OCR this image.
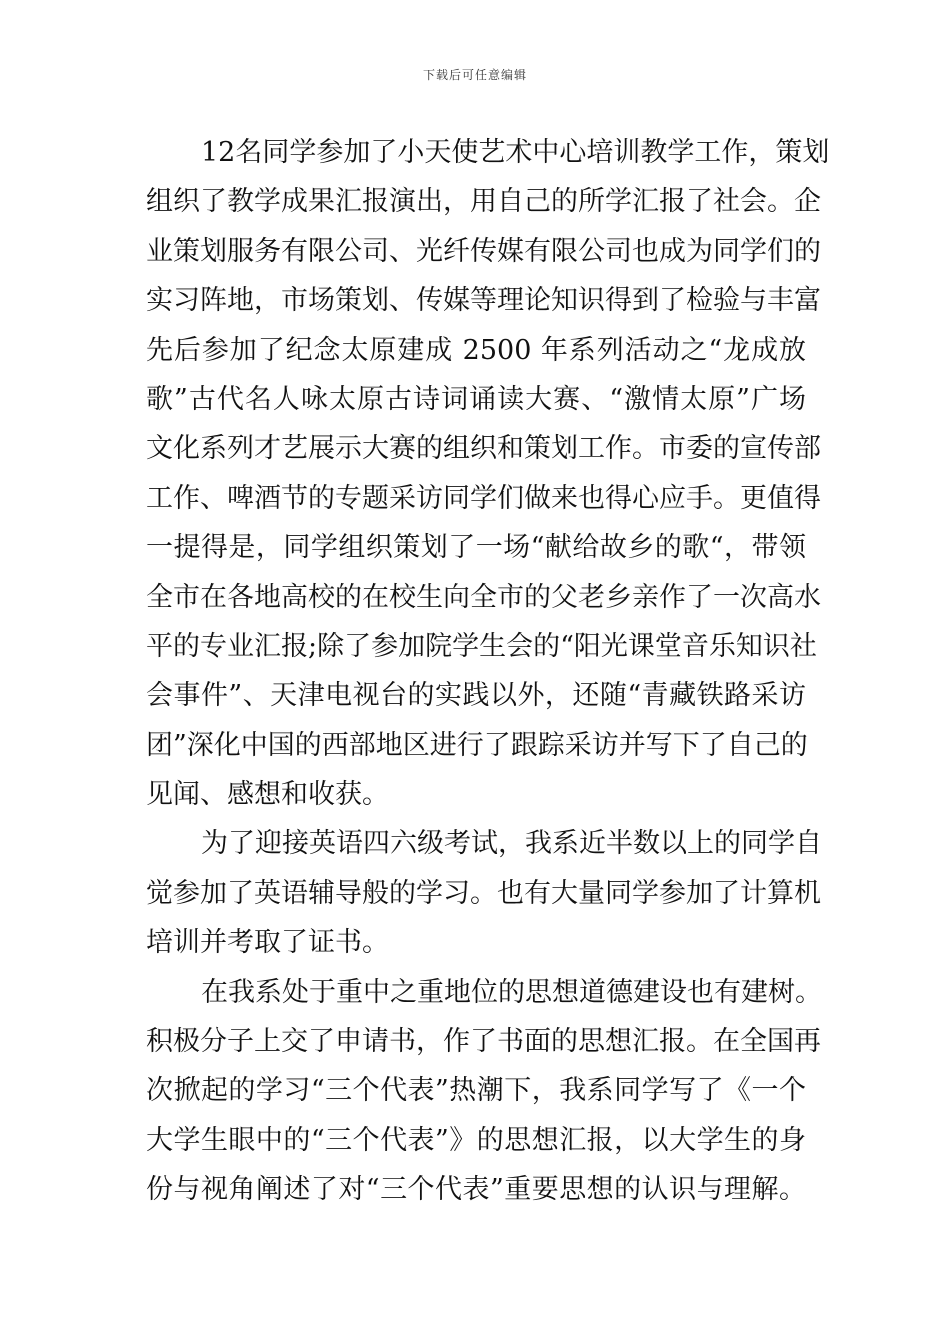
下载后可任意编辑
12名同学参加了小天使艺术中心培训教学工作，策划
组织了教学成果汇报演出，用自己的所学汇报了社会。企
业策划服务有限公司、光纤传媒有限公司也成为同学们的
实习阵地，市场策划、传媒等理论知识得到了检验与丰富
先后参加了纪念太原建成 2500 年系列活动之“龙成放
歌”古代名人咏太原古诗词诵读大赛、“激情太原”广场
文化系列才艺展示大赛的组织和策划工作。市委的宣传部
工作、啤酒节的专题采访同学们做来也得心应手。更值得
一提得是，同学组织策划了一场“献给故乡的歌“，带领
全市在各地高校的在校生向全市的父老乡亲作了一次高水
平的专业汇报;除了参加院学生会的“阳光课堂音乐知识社
会事件”、天津电视台的实践以外，还随“青藏铁路采访
团”深化中国的西部地区进行了跟踪采访并写下了自己的
见闻、感想和收获。
为了迎接英语四六级考试，我系近半数以上的同学自
觉参加了英语辅导般的学习。也有大量同学参加了计算机
培训并考取了证书。
在我系处于重中之重地位的思想道德建设也有建树。
积极分子上交了申请书，作了书面的思想汇报。在全国再
次掀起的学习“三个代表”热潮下，我系同学写了《一个
大学生眼中的“三个代表”》的思想汇报，以大学生的身
份与视角阐述了对“三个代表”重要思想的认识与理解。
